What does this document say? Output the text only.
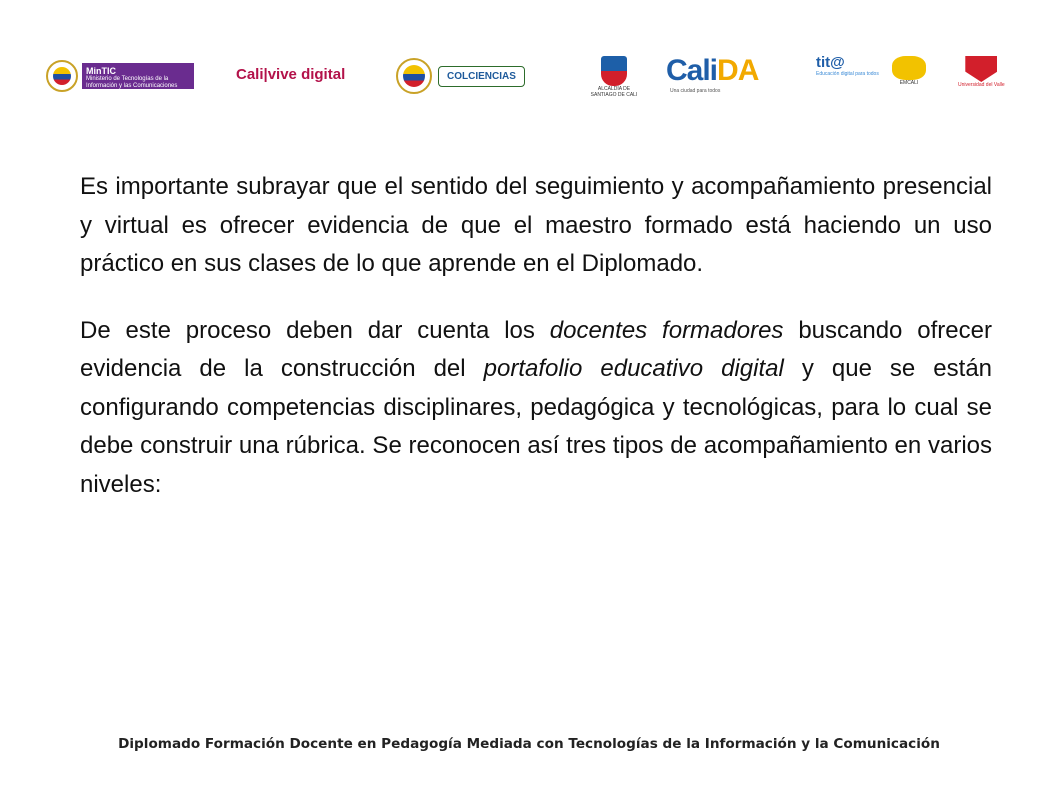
MinTIC
Ministerio de Tecnologías de la Información y las Comunicaciones
Cali|vive digital	COLCIENCIAS
ALCALDÍA DE SANTIAGO DE CALI
CaliDA
Una ciudad para todos
tit@
Educación digital para todos
EMCALI	Universidad del Valle

Es importante subrayar que el sentido del seguimiento y acompañamiento presencial y virtual es ofrecer evidencia de que el maestro formado está haciendo un uso práctico en sus clases de lo que aprende en el Diplomado.

De este proceso deben dar cuenta los docentes formadores buscando ofrecer evidencia de la construcción del portafolio educativo digital y que se están configurando competencias disciplinares, pedagógica y tecnológicas, para lo cual se debe construir una rúbrica. Se reconocen así tres tipos de acompañamiento en varios niveles:

Diplomado Formación Docente en Pedagogía Mediada con Tecnologías de la Información y la Comunicación
